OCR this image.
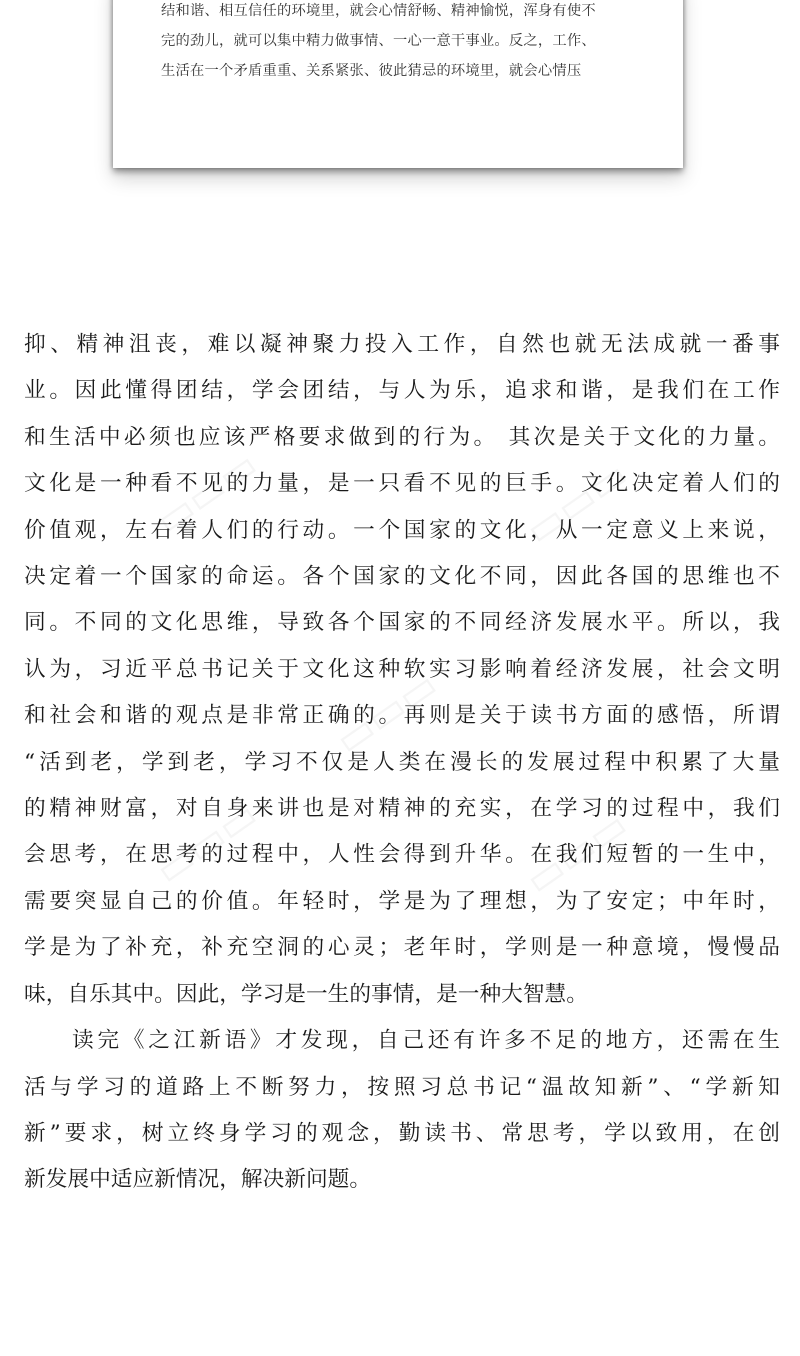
结和谐、相互信任的环境里，就会心情舒畅、精神愉悦，浑身有使不
完的劲儿，就可以集中精力做事情、一心一意干事业。反之，工作、
生活在一个矛盾重重、关系紧张、彼此猜忌的环境里，就会心情压
▭▭▭	▭▭▭
▭▭▭
▭▭▭	▭▭▭
抑、精神沮丧，难以凝神聚力投入工作，自然也就无法成就一番事
业。因此懂得团结，学会团结，与人为乐，追求和谐，是我们在工作
和生活中必须也应该严格要求做到的行为。 其次是关于文化的力量。
文化是一种看不见的力量，是一只看不见的巨手。文化决定着人们的
价值观，左右着人们的行动。一个国家的文化，从一定意义上来说，
决定着一个国家的命运。各个国家的文化不同，因此各国的思维也不
同。不同的文化思维，导致各个国家的不同经济发展水平。所以，我
认为，习近平总书记关于文化这种软实习影响着经济发展，社会文明
和社会和谐的观点是非常正确的。再则是关于读书方面的感悟，所谓
“活到老，学到老，学习不仅是人类在漫长的发展过程中积累了大量
的精神财富，对自身来讲也是对精神的充实，在学习的过程中，我们
会思考，在思考的过程中，人性会得到升华。在我们短暂的一生中，
需要突显自己的价值。年轻时，学是为了理想，为了安定；中年时，
学是为了补充，补充空洞的心灵；老年时，学则是一种意境，慢慢品
味，自乐其中。因此，学习是一生的事情，是一种大智慧。
读完《之江新语》才发现，自己还有许多不足的地方，还需在生
活与学习的道路上不断努力，按照习总书记“温故知新”、“学新知
新”要求，树立终身学习的观念，勤读书、常思考，学以致用，在创
新发展中适应新情况，解决新问题。
